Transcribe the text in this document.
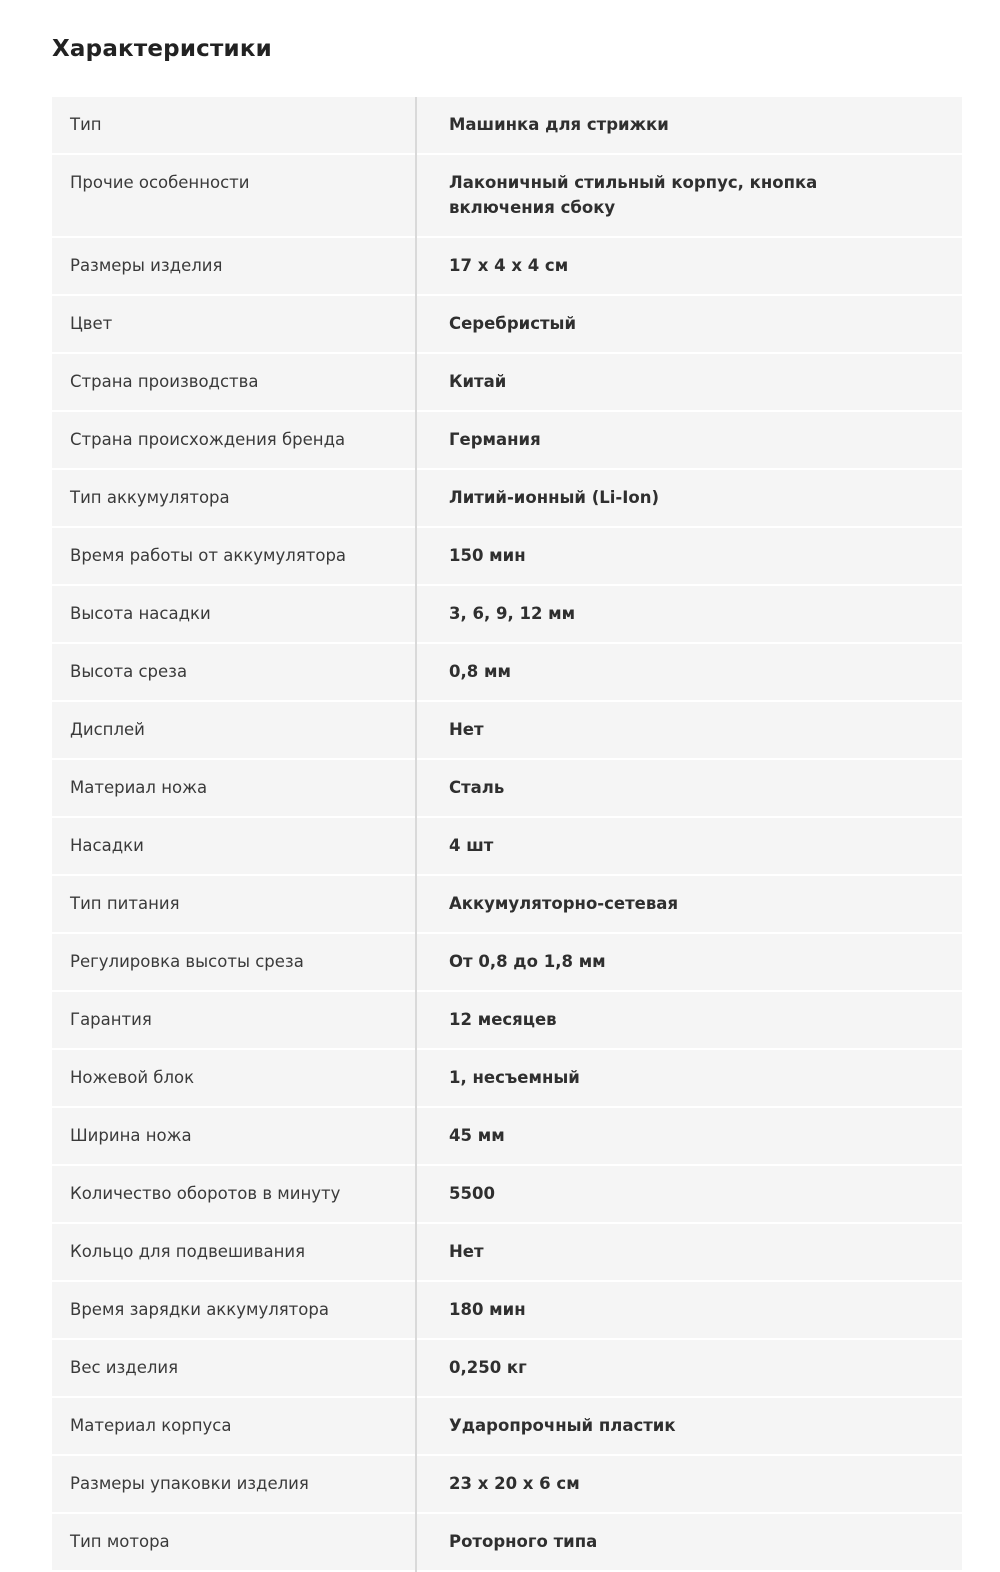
Характеристики
Тип	Машинка для стрижки
Прочие особенности	Лаконичный стильный корпус, кнопка включения сбоку
Размеры изделия	17 x 4 x 4 см
Цвет	Серебристый
Страна производства	Китай
Страна происхождения бренда	Германия
Тип аккумулятора	Литий-ионный (Li-Ion)
Время работы от аккумулятора	150 мин
Высота насадки	3, 6, 9, 12 мм
Высота среза	0,8 мм
Дисплей	Нет
Материал ножа	Сталь
Насадки	4 шт
Тип питания	Аккумуляторно-сетевая
Регулировка высоты среза	От 0,8 до 1,8 мм
Гарантия	12 месяцев
Ножевой блок	1, несъемный
Ширина ножа	45 мм
Количество оборотов в минуту	5500
Кольцо для подвешивания	Нет
Время зарядки аккумулятора	180 мин
Вес изделия	0,250 кг
Материал корпуса	Ударопрочный пластик
Размеры упаковки изделия	23 x 20 x 6 см
Тип мотора	Роторного типа
